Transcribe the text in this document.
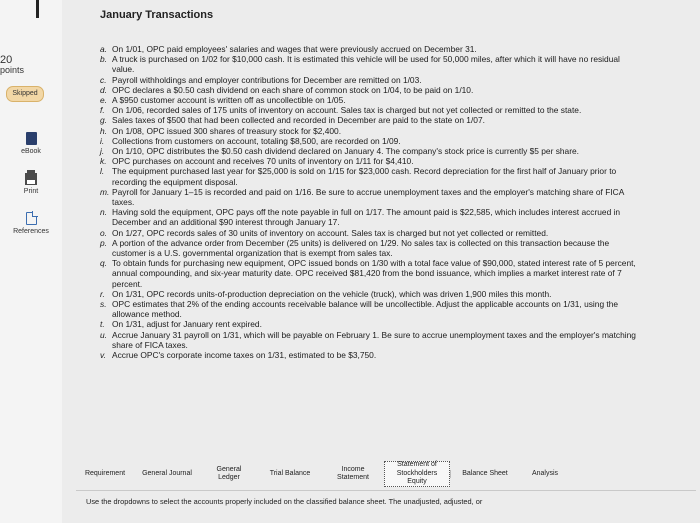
20
points
Skipped
eBook
Print
References
January Transactions
a. On 1/01, OPC paid employees' salaries and wages that were previously accrued on December 31.
b. A truck is purchased on 1/02 for $10,000 cash. It is estimated this vehicle will be used for 50,000 miles, after which it will have no residual value.
c. Payroll withholdings and employer contributions for December are remitted on 1/03.
d. OPC declares a $0.50 cash dividend on each share of common stock on 1/04, to be paid on 1/10.
e. A $950 customer account is written off as uncollectible on 1/05.
f. On 1/06, recorded sales of 175 units of inventory on account. Sales tax is charged but not yet collected or remitted to the state.
g. Sales taxes of $500 that had been collected and recorded in December are paid to the state on 1/07.
h. On 1/08, OPC issued 300 shares of treasury stock for $2,400.
i. Collections from customers on account, totaling $8,500, are recorded on 1/09.
j. On 1/10, OPC distributes the $0.50 cash dividend declared on January 4. The company's stock price is currently $5 per share.
k. OPC purchases on account and receives 70 units of inventory on 1/11 for $4,410.
l. The equipment purchased last year for $25,000 is sold on 1/15 for $23,000 cash. Record depreciation for the first half of January prior to recording the equipment disposal.
m. Payroll for January 1–15 is recorded and paid on 1/16. Be sure to accrue unemployment taxes and the employer's matching share of FICA taxes.
n. Having sold the equipment, OPC pays off the note payable in full on 1/17. The amount paid is $22,585, which includes interest accrued in December and an additional $90 interest through January 17.
o. On 1/27, OPC records sales of 30 units of inventory on account. Sales tax is charged but not yet collected or remitted.
p. A portion of the advance order from December (25 units) is delivered on 1/29. No sales tax is collected on this transaction because the customer is a U.S. governmental organization that is exempt from sales tax.
q. To obtain funds for purchasing new equipment, OPC issued bonds on 1/30 with a total face value of $90,000, stated interest rate of 5 percent, annual compounding, and six-year maturity date. OPC received $81,420 from the bond issuance, which implies a market interest rate of 7 percent.
r. On 1/31, OPC records units-of-production depreciation on the vehicle (truck), which was driven 1,900 miles this month.
s. OPC estimates that 2% of the ending accounts receivable balance will be uncollectible. Adjust the applicable accounts on 1/31, using the allowance method.
t. On 1/31, adjust for January rent expired.
u. Accrue January 31 payroll on 1/31, which will be payable on February 1. Be sure to accrue unemployment taxes and the employer's matching share of FICA taxes.
v. Accrue OPC's corporate income taxes on 1/31, estimated to be $3,750.
Requirement	General Journal
General Ledger
Trial Balance
Income Statement
Statement of Stockholders Equity
Balance Sheet	Analysis
Use the dropdowns to select the accounts properly included on the classified balance sheet. The unadjusted, adjusted, or
